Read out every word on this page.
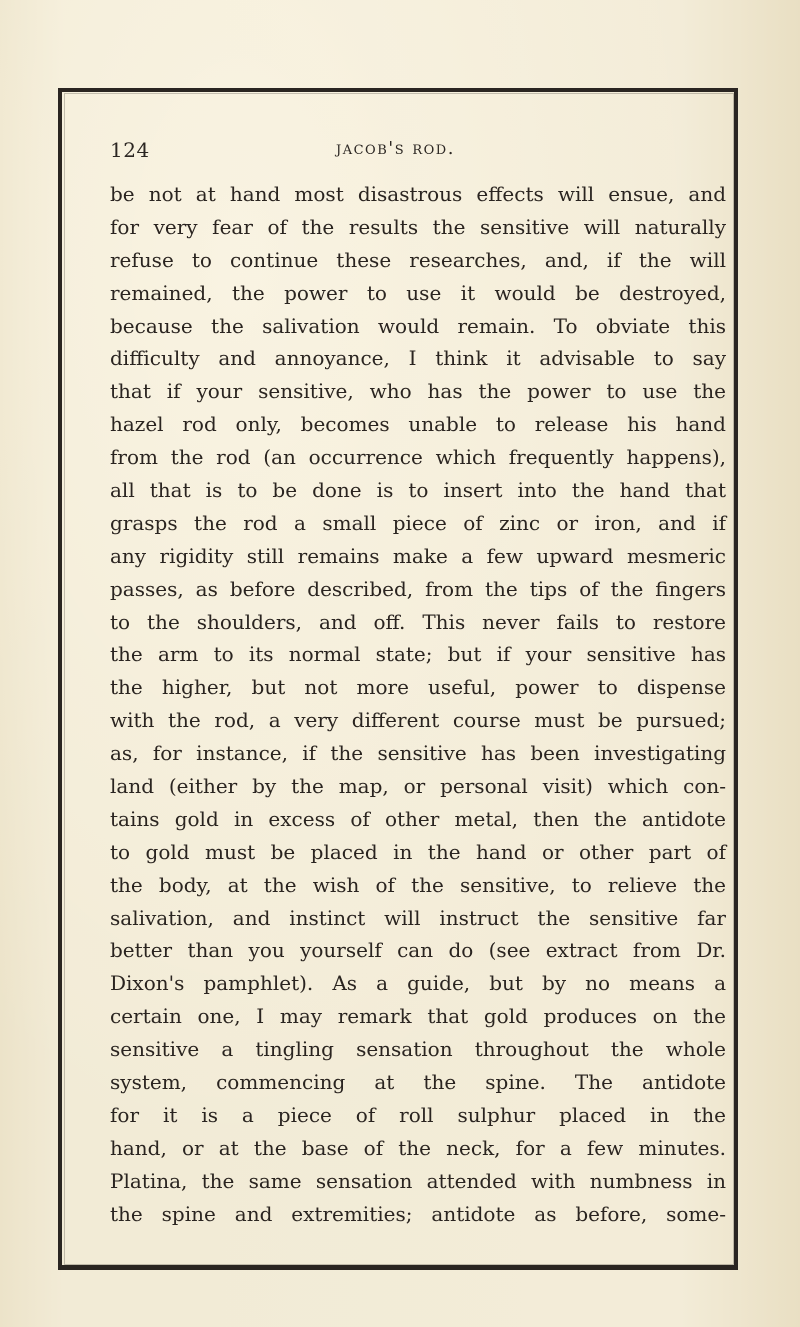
124	jacob's rod.
be not at hand most disastrous effects will ensue, and
for very fear of the results the sensitive will naturally
refuse to continue these researches, and, if the will
remained, the power to use it would be destroyed,
because the salivation would remain. To obviate this
difficulty and annoyance, I think it advisable to say
that if your sensitive, who has the power to use the
hazel rod only, becomes unable to release his hand
from the rod (an occurrence which frequently happens),
all that is to be done is to insert into the hand that
grasps the rod a small piece of zinc or iron, and if
any rigidity still remains make a few upward mesmeric
passes, as before described, from the tips of the fingers
to the shoulders, and off. This never fails to restore
the arm to its normal state; but if your sensitive has
the higher, but not more useful, power to dispense
with the rod, a very different course must be pursued;
as, for instance, if the sensitive has been investigating
land (either by the map, or personal visit) which con-
tains gold in excess of other metal, then the antidote
to gold must be placed in the hand or other part of
the body, at the wish of the sensitive, to relieve the
salivation, and instinct will instruct the sensitive far
better than you yourself can do (see extract from Dr.
Dixon's pamphlet). As a guide, but by no means a
certain one, I may remark that gold produces on the
sensitive a tingling sensation throughout the whole
system, commencing at the spine. The antidote
for it is a piece of roll sulphur placed in the
hand, or at the base of the neck, for a few minutes.
Platina, the same sensation attended with numbness in
the spine and extremities; antidote as before, some-
